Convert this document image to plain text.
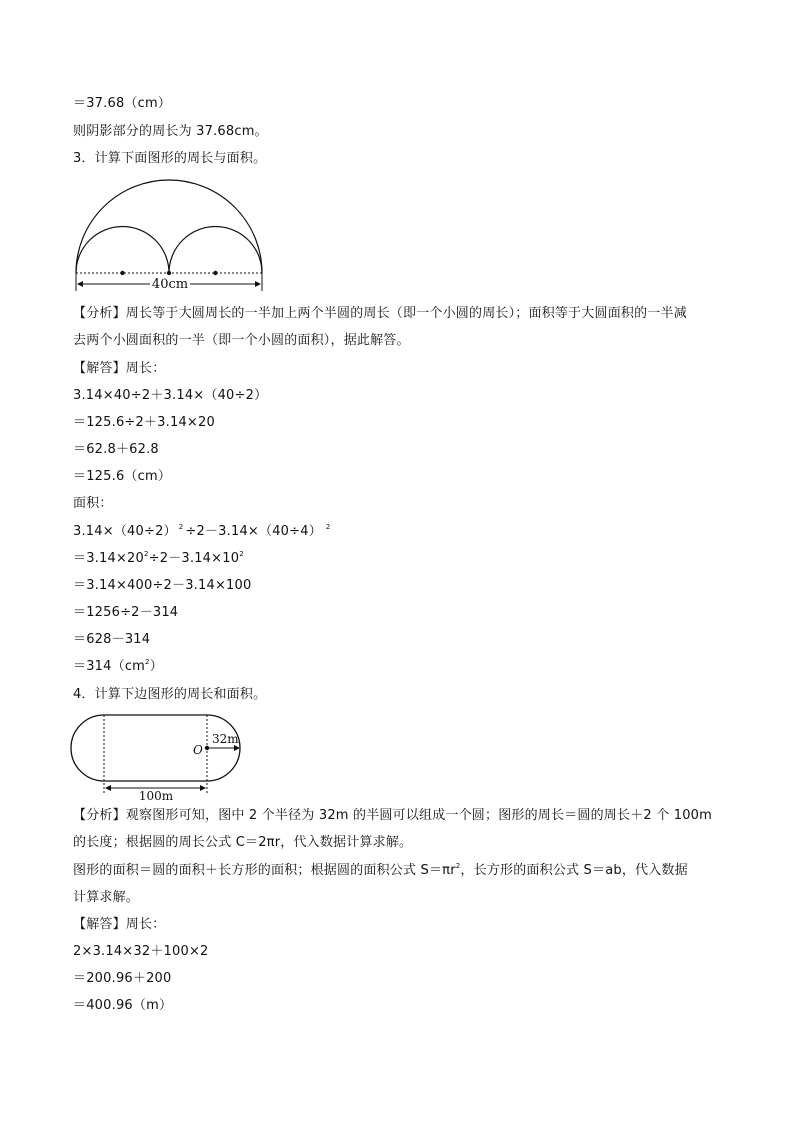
＝37.68（cm）
则阴影部分的周长为 37.68cm。
3．计算下面图形的周长与面积。
40cm
【分析】周长等于大圆周长的一半加上两个半圆的周长（即一个小圆的周长）；面积等于大圆面积的一半减
去两个小圆面积的一半（即一个小圆的面积），据此解答。
【解答】周长：
3.14×40÷2＋3.14×（40÷2）
＝125.6÷2＋3.14×20
＝62.8＋62.8
＝125.6（cm）
面积：
3.14×（40÷2） $^2$ ÷2－3.14×（40÷4） $^2$
$=3.14\times 20^2\div 2-3.14\times 10^2$
＝3.14×400÷2－3.14×100
＝1256÷2－314
＝628－314
$=314(cm^2)$
4．计算下边图形的周长和面积。
32m
O
100m
【分析】观察图形可知，图中 2 个半径为 32m 的半圆可以组成一个圆；图形的周长＝圆的周长＋2 个 100m
的长度；根据圆的周长公式 C＝2πr，代入数据计算求解。
图形的面积＝圆的面积＋长方形的面积；根据圆的面积公式 $S=\pi r^2$，长方形的面积公式 S＝ab，代入数据
计算求解。
【解答】周长：
2×3.14×32＋100×2
＝200.96＋200
＝400.96（m）
